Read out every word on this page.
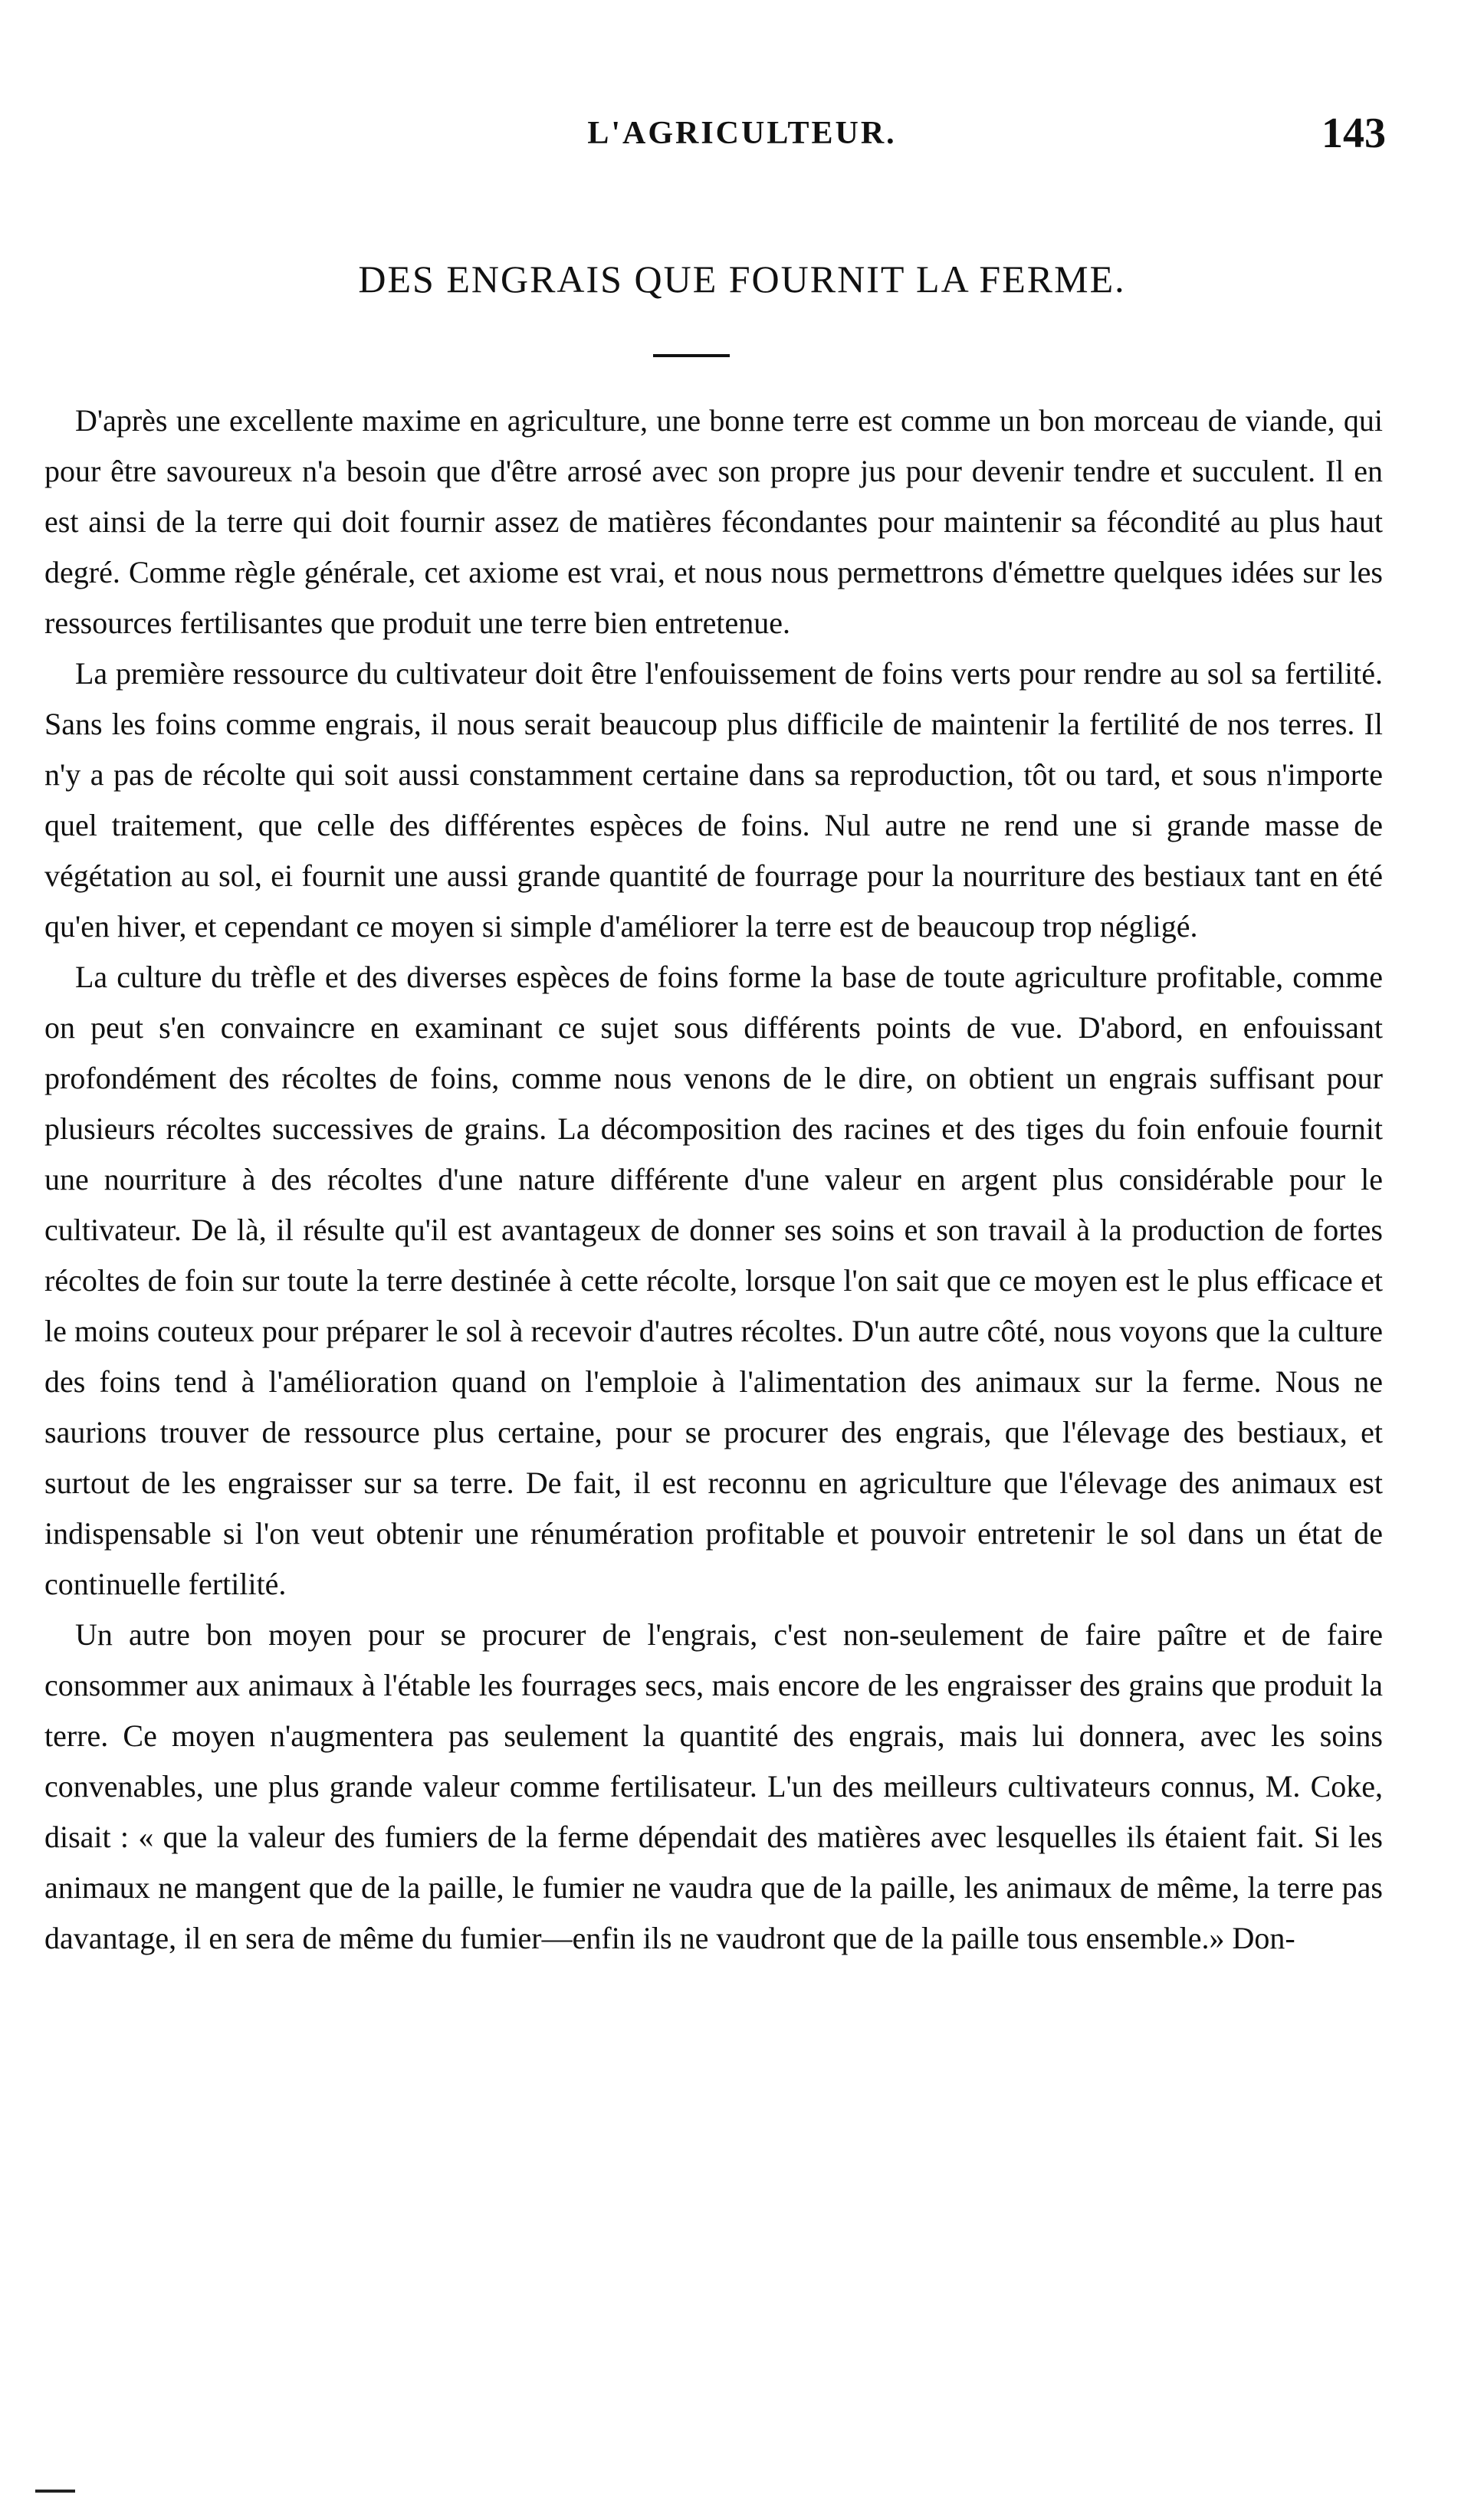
L'AGRICULTEUR.	143
DES ENGRAIS QUE FOURNIT LA FERME.

D'après une excellente maxime en agriculture, une bonne terre est comme un bon morceau de viande, qui pour être savoureux n'a besoin que d'être arrosé avec son propre jus pour devenir tendre et succulent. Il en est ainsi de la terre qui doit fournir assez de matières fécondantes pour maintenir sa fécondité au plus haut degré. Comme règle générale, cet axiome est vrai, et nous nous permettrons d'émettre quelques idées sur les ressources fertilisantes que produit une terre bien entretenue.

La première ressource du cultivateur doit être l'enfouissement de foins verts pour rendre au sol sa fertilité. Sans les foins comme engrais, il nous serait beaucoup plus difficile de maintenir la fertilité de nos terres. Il n'y a pas de récolte qui soit aussi constamment certaine dans sa reproduction, tôt ou tard, et sous n'importe quel traitement, que celle des différentes espèces de foins. Nul autre ne rend une si grande masse de végétation au sol, ei fournit une aussi grande quantité de fourrage pour la nourriture des bestiaux tant en été qu'en hiver, et cependant ce moyen si simple d'améliorer la terre est de beaucoup trop négligé.

La culture du trèfle et des diverses espèces de foins forme la base de toute agriculture profitable, comme on peut s'en convaincre en examinant ce sujet sous différents points de vue. D'abord, en enfouissant profondément des récoltes de foins, comme nous venons de le dire, on obtient un engrais suffisant pour plusieurs récoltes successives de grains. La décomposition des racines et des tiges du foin enfouie fournit une nourriture à des récoltes d'une nature différente d'une valeur en argent plus considérable pour le cultivateur. De là, il résulte qu'il est avantageux de donner ses soins et son travail à la production de fortes récoltes de foin sur toute la terre destinée à cette récolte, lorsque l'on sait que ce moyen est le plus efficace et le moins couteux pour préparer le sol à recevoir d'autres récoltes. D'un autre côté, nous voyons que la culture des foins tend à l'amélioration quand on l'emploie à l'alimentation des animaux sur la ferme. Nous ne saurions trouver de ressource plus certaine, pour se procurer des engrais, que l'élevage des bestiaux, et surtout de les engraisser sur sa terre. De fait, il est reconnu en agriculture que l'élevage des animaux est indispensable si l'on veut obtenir une rénumération profitable et pouvoir entretenir le sol dans un état de continuelle fertilité.

Un autre bon moyen pour se procurer de l'engrais, c'est non-seulement de faire paître et de faire consommer aux animaux à l'étable les fourrages secs, mais encore de les engraisser des grains que produit la terre. Ce moyen n'augmentera pas seulement la quantité des engrais, mais lui donnera, avec les soins convenables, une plus grande valeur comme fertilisateur. L'un des meilleurs cultivateurs connus, M. Coke, disait : « que la valeur des fumiers de la ferme dépendait des matières avec lesquelles ils étaient fait. Si les animaux ne mangent que de la paille, le fumier ne vaudra que de la paille, les animaux de même, la terre pas davantage, il en sera de même du fumier—enfin ils ne vaudront que de la paille tous ensemble.» Don-
